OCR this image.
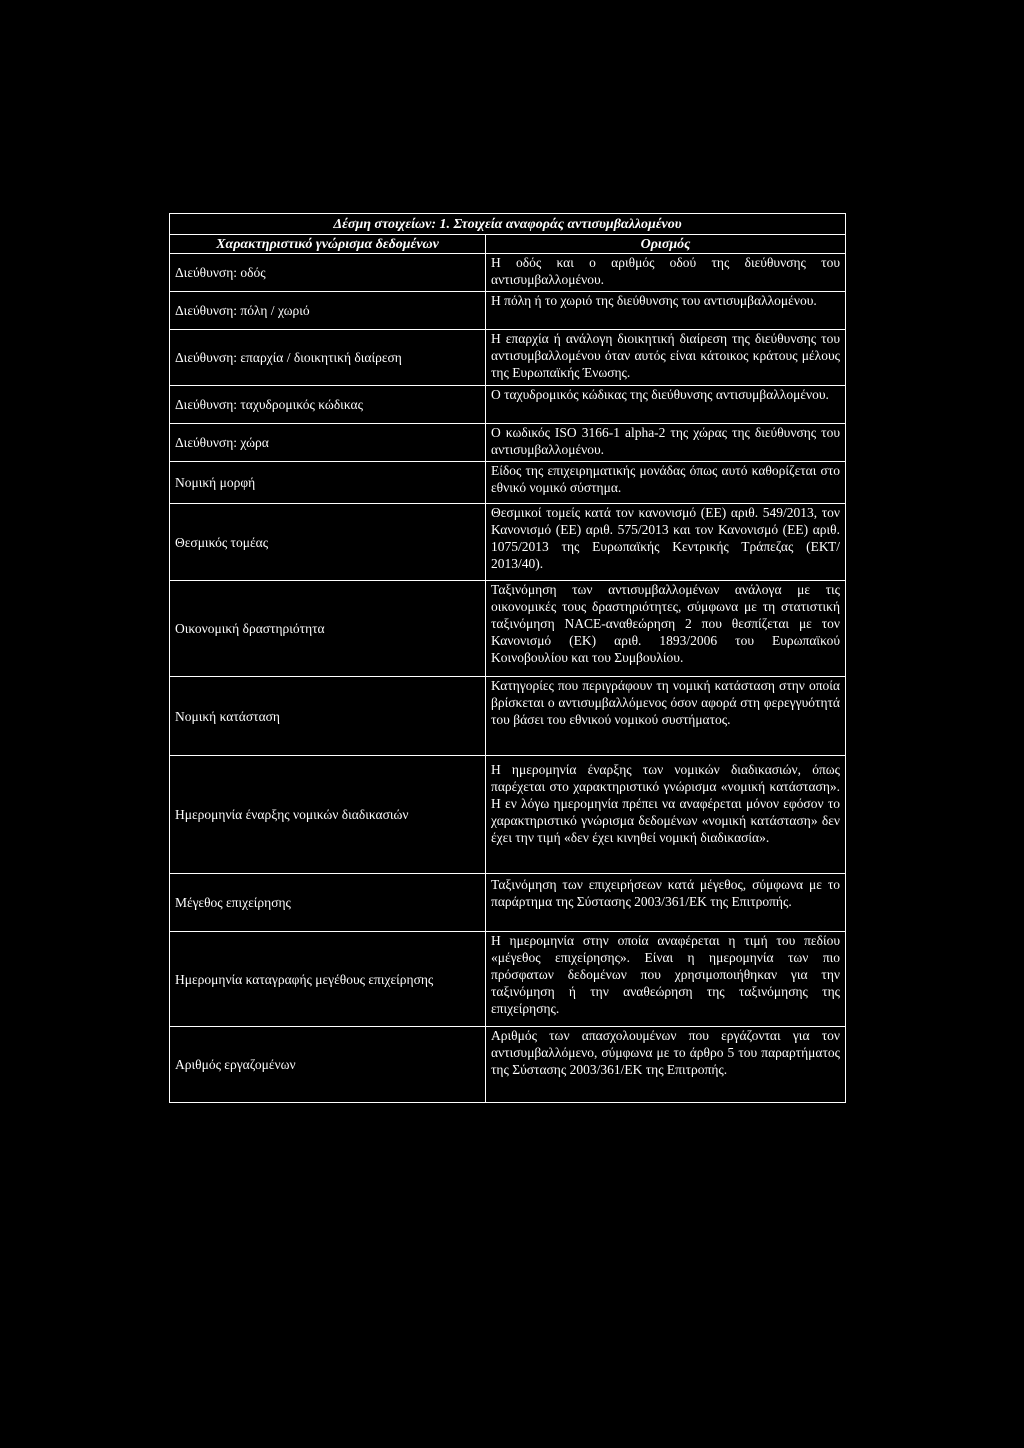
Δέσμη στοιχείων: 1. Στοιχεία αναφοράς αντισυμβαλλομένου	
Χαρακτηριστικό γνώρισμα δεδομένων	Ορισμός
Διεύθυνση: οδός	Η οδός και ο αριθμός οδού της διεύθυνσης του αντισυμβαλλομένου.
Διεύθυνση: πόλη / χωριό	Η πόλη ή το χωριό της διεύθυνσης του αντισυμβαλλομένου.
Διεύθυνση: επαρχία / διοικητική διαίρεση	Η επαρχία ή ανάλογη διοικητική διαίρεση της διεύθυνσης του αντισυμβαλλομένου όταν αυτός είναι κάτοικος κράτους μέλους της Ευρωπαϊκής Ένωσης.
Διεύθυνση: ταχυδρομικός κώδικας	Ο ταχυδρομικός κώδικας της διεύθυνσης αντισυμβαλλομένου.
Διεύθυνση: χώρα	Ο κωδικός ISO 3166-1 alpha-2 της χώρας της διεύθυνσης του αντισυμβαλλομένου.
Νομική μορφή	Είδος της επιχειρηματικής μονάδας όπως αυτό καθορίζεται στο εθνικό νομικό σύστημα.
Θεσμικός τομέας	Θεσμικοί τομείς κατά τον κανονισμό (ΕΕ) αριθ. 549/2013, τον Κανονισμό (ΕΕ) αριθ. 575/2013 και τον Κανονισμό (ΕΕ) αριθ. 1075/2013 της Ευρωπαϊκής Κεντρικής Τράπεζας (ΕΚΤ/ 2013/40).
Οικονομική δραστηριότητα	Ταξινόμηση των αντισυμβαλλομένων ανάλογα με τις οικονομικές τους δραστηριότητες, σύμφωνα με τη στατιστική ταξινόμηση NACE-αναθεώρηση 2 που θεσπίζεται με τον Κανονισμό (ΕΚ) αριθ. 1893/2006 του Ευρωπαϊκού Κοινοβουλίου και του Συμβουλίου.
Νομική κατάσταση	Κατηγορίες που περιγράφουν τη νομική κατάσταση στην οποία βρίσκεται ο αντισυμβαλλόμενος όσον αφορά στη φερεγγυότητά του βάσει του εθνικού νομικού συστήματος.
Ημερομηνία έναρξης νομικών διαδικασιών	Η ημερομηνία έναρξης των νομικών διαδικασιών, όπως παρέχεται στο χαρακτηριστικό γνώρισμα «νομική κατάσταση». Η εν λόγω ημερομηνία πρέπει να αναφέρεται μόνον εφόσον το χαρακτηριστικό γνώρισμα δεδομένων «νομική κατάσταση» δεν έχει την τιμή «δεν έχει κινηθεί νομική διαδικασία».
Μέγεθος επιχείρησης	Ταξινόμηση των επιχειρήσεων κατά μέγεθος, σύμφωνα με το παράρτημα της Σύστασης 2003/361/ΕΚ της Επιτροπής.
Ημερομηνία καταγραφής μεγέθους επιχείρησης	Η ημερομηνία στην οποία αναφέρεται η τιμή του πεδίου «μέγεθος επιχείρησης». Είναι η ημερομηνία των πιο πρόσφατων δεδομένων που χρησιμοποιήθηκαν για την ταξινόμηση ή την αναθεώρηση της ταξινόμησης της επιχείρησης.
Αριθμός εργαζομένων	Αριθμός των απασχολουμένων που εργάζονται για τον αντισυμβαλλόμενο, σύμφωνα με το άρθρο 5 του παραρτήματος της Σύστασης 2003/361/ΕΚ της Επιτροπής.
